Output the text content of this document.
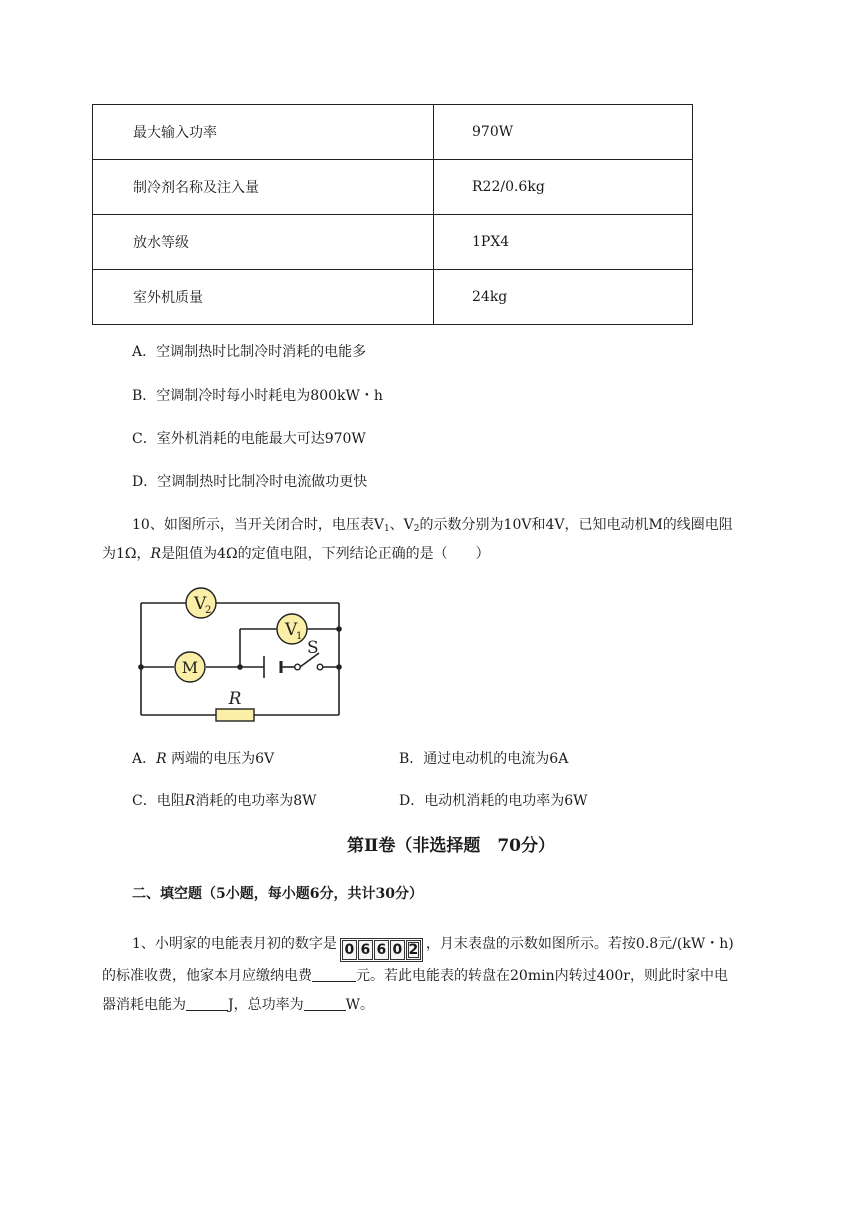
最大输入功率	970W
制冷剂名称及注入量	R22/0.6kg
放水等级	1PX4
室外机质量	24kg
A．空调制热时比制冷时消耗的电能多
B．空调制冷时每小时耗电为800kW・h
C．室外机消耗的电能最大可达970W
D．空调制热时比制冷时电流做功更快
10、如图所示，当开关闭合时，电压表$V_1$、$V_2$的示数分别为10V和4V，已知电动机M的线圈电阻
为1Ω，R是阻值为4Ω的定值电阻，下列结论正确的是（　　）
V
2
V
1
M
S
R
A．R 两端的电压为6V	B．通过电动机的电流为6A
C．电阻R消耗的电功率为8W	D．电动机消耗的电功率为6W
第Ⅱ卷（非选择题　70分）
二、填空题（5小题，每小题6分，共计30分）
1、小明家的电能表月初的数字是 0 6 6 0 2 ，月末表盘的示数如图所示。若按0.8元/(kW・h)
的标准收费，他家本月应缴纳电费	元。若此电能表的转盘在20min内转过400r，则此时家中电
器消耗电能为	J，总功率为	W。
